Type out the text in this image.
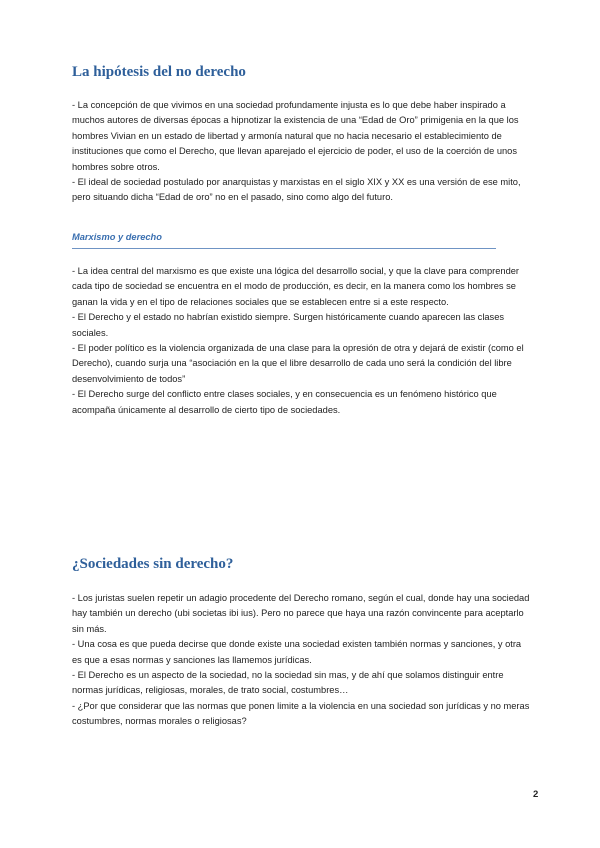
La hipótesis del no derecho

- La concepción de que vivimos en una sociedad profundamente injusta es lo que debe haber inspirado a muchos autores de diversas épocas a hipnotizar la existencia de una “Edad de Oro” primigenia en la que los hombres Vivian en un estado de libertad y armonía natural que no hacia necesario el establecimiento de instituciones que como el Derecho, que llevan aparejado el ejercicio de poder, el uso de la coerción de unos hombres sobre otros.

- El ideal de sociedad postulado por anarquistas y marxistas en el siglo XIX y XX es una versión de ese mito, pero situando dicha “Edad de oro” no en el pasado, sino como algo del futuro.

Marxismo y derecho

- La idea central del marxismo es que existe una lógica del desarrollo social, y que la clave para comprender cada tipo de sociedad se encuentra en el modo de producción, es decir, en la manera como los hombres se ganan la vida y en el tipo de relaciones sociales que se establecen entre si a este respecto.

- El Derecho y el estado no habrían existido siempre. Surgen históricamente cuando aparecen las clases sociales.

- El poder político es la violencia organizada de una clase para la opresión de otra y dejará de existir (como el Derecho), cuando surja una “asociación en la que el libre desarrollo de cada uno será la condición del libre desenvolvimiento de todos”

- El Derecho surge del conflicto entre clases sociales, y en consecuencia es un fenómeno histórico que acompaña únicamente al desarrollo de cierto tipo de sociedades.

¿Sociedades sin derecho?

- Los juristas suelen repetir un adagio procedente del Derecho romano, según el cual, donde hay una sociedad hay también un derecho (ubi societas ibi ius). Pero no parece que haya una razón convincente para aceptarlo sin más.

- Una cosa es que pueda decirse que donde existe una sociedad existen también normas y sanciones, y otra es que a esas normas y sanciones las llamemos jurídicas.

- El Derecho es un aspecto de la sociedad, no la sociedad sin mas, y de ahí que solamos distinguir entre normas jurídicas, religiosas, morales, de trato social, costumbres…

- ¿Por que considerar que las normas que ponen limite a la violencia en una sociedad son jurídicas y no meras costumbres, normas morales o religiosas?

2
